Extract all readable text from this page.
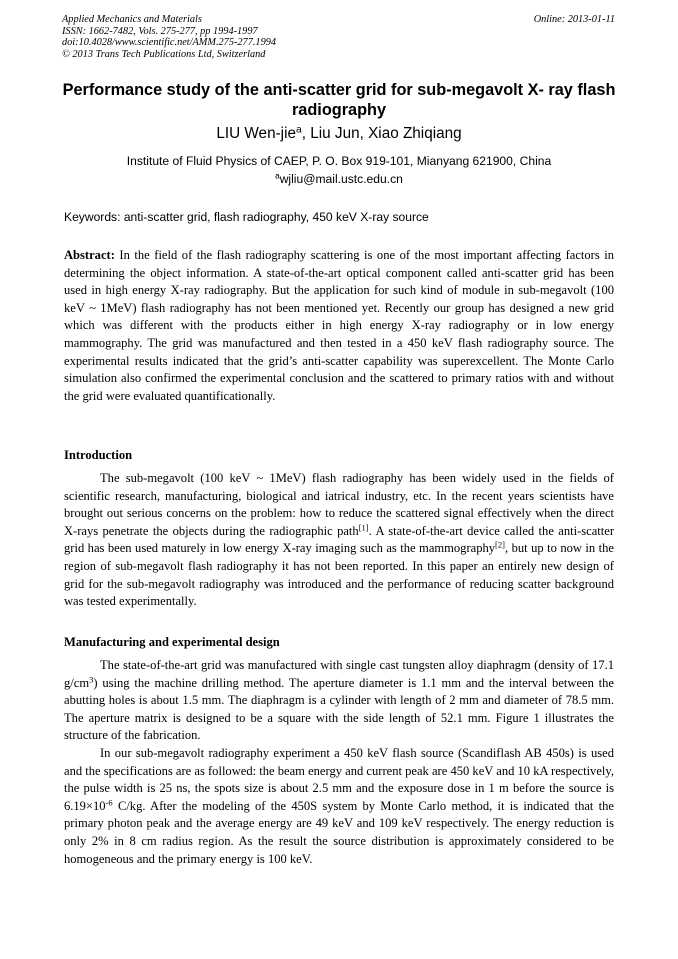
Applied Mechanics and Materials
ISSN: 1662-7482, Vols. 275-277, pp 1994-1997
doi:10.4028/www.scientific.net/AMM.275-277.1994
© 2013 Trans Tech Publications Ltd, Switzerland
Online: 2013-01-11
Performance study of the anti-scatter grid for sub-megavolt X- ray flash radiography
LIU Wen-jie$^a$, Liu Jun, Xiao Zhiqiang
Institute of Fluid Physics of CAEP, P. O. Box 919-101, Mianyang 621900, China
$^a$wjliu@mail.ustc.edu.cn
Keywords: anti-scatter grid, flash radiography, 450 keV X-ray source

Abstract: In the field of the flash radiography scattering is one of the most important affecting factors in determining the object information. A state-of-the-art optical component called anti-scatter grid has been used in high energy X-ray radiography. But the application for such kind of module in sub-megavolt (100 keV ~ 1MeV) flash radiography has not been mentioned yet. Recently our group has designed a new grid which was different with the products either in high energy X-ray radiography or in low energy mammography. The grid was manufactured and then tested in a 450 keV flash radiography source. The experimental results indicated that the grid’s anti-scatter capability was superexcellent. The Monte Carlo simulation also confirmed the experimental conclusion and the scattered to primary ratios with and without the grid were evaluated quantificationally.

Introduction

The sub-megavolt (100 keV ~ 1MeV) flash radiography has been widely used in the fields of scientific research, manufacturing, biological and iatrical industry, etc. In the recent years scientists have brought out serious concerns on the problem: how to reduce the scattered signal effectively when the direct X-rays penetrate the objects during the radiographic path[1]. A state-of-the-art device called the anti-scatter grid has been used maturely in low energy X-ray imaging such as the mammography[2], but up to now in the region of sub-megavolt flash radiography it has not been reported. In this paper an entirely new design of grid for the sub-megavolt radiography was introduced and the performance of reducing scatter background was tested experimentally.

Manufacturing and experimental design

The state-of-the-art grid was manufactured with single cast tungsten alloy diaphragm (density of 17.1 $g/cm^3$) using the machine drilling method. The aperture diameter is 1.1 mm and the interval between the abutting holes is about 1.5 mm. The diaphragm is a cylinder with length of 2 mm and diameter of 78.5 mm. The aperture matrix is designed to be a square with the side length of 52.1 mm. Figure 1 illustrates the structure of the fabrication.

In our sub-megavolt radiography experiment a 450 keV flash source (Scandiflash AB 450s) is used and the specifications are as followed: the beam energy and current peak are 450 keV and 10 kA respectively, the pulse width is 25 ns, the spots size is about 2.5 mm and the exposure dose in 1 m before the source is $6.19\times 10^{-6}$ C/kg. After the modeling of the 450S system by Monte Carlo method, it is indicated that the primary photon peak and the average energy are 49 keV and 109 keV respectively. The energy reduction is only 2% in 8 cm radius region. As the result the source distribution is approximately considered to be homogeneous and the primary energy is 100 keV.
